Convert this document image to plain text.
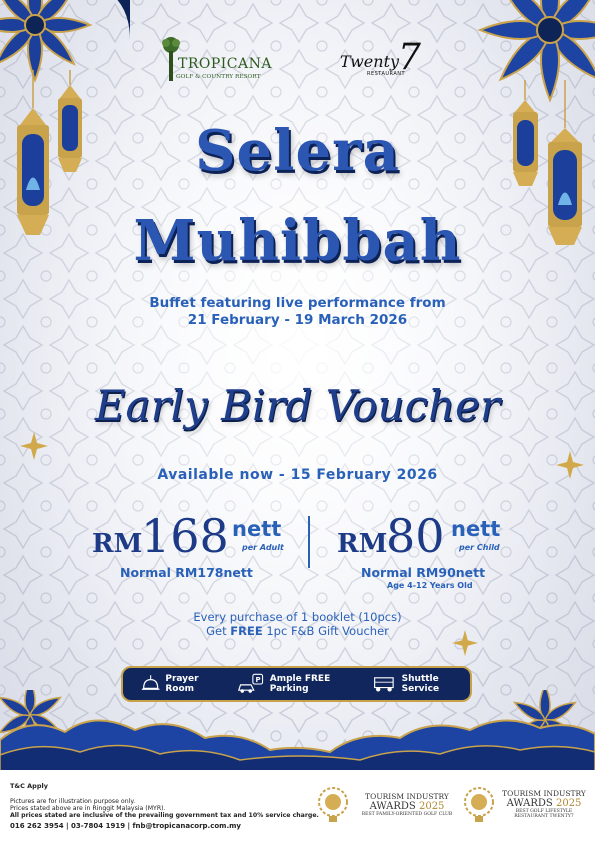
TROPICANA
GOLF & COUNTRY RESORT
Twenty
7
RESTAURANT
Selera
Muhibbah
Buffet featuring live performance from
21 February - 19 March 2026
Early Bird Voucher
Available now - 15 February 2026
RM
168 nett
per Adult
Normal RM178nett
RM
80 nett
per Child
Normal RM90nett
Age 4-12 Years Old
Every purchase of 1 booklet (10pcs)
Get FREE 1pc F&B Gift Voucher
Prayer Room
P Ample FREE Parking
Shuttle Service
T&C Apply
Pictures are for illustration purpose only.
Prices stated above are in Ringgit Malaysia (MYR).
All prices stated are inclusive of the prevailing government tax and 10% service charge.
016 262 3954 | 03-7804 1919 | fnb@tropicanacorp.com.my
TOURISM INDUSTRY
AWARDS 2025
BEST FAMILY-ORIENTED GOLF CLUB
TOURISM INDUSTRY
AWARDS 2025
BEST GOLF LIFESTYLE RESTAURANT TWENTY7
